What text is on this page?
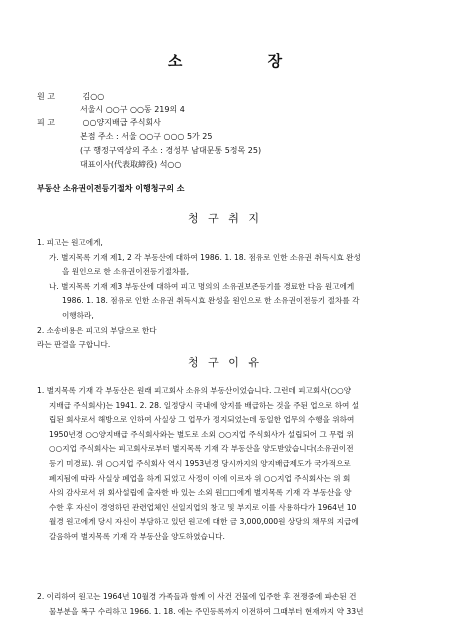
소 장
원 고	김○○
서울시 ○○구 ○○동 219의 4
피 고	○○양지배급 주식회사
본점 주소 : 서울 ○○구 ○○○ 5가 25
(구 행정구역상의 주소 : 경성부 남대문통 5정목 25)
대표이사(代表取締役) 석○○
부동산 소유권이전등기절차 이행청구의 소
청 구 취 지
1. 피고는 원고에게,
가. 별지목록 기재 제1, 2 각 부동산에 대하여 1986. 1. 18. 점유로 인한 소유권 취득시효 완성
을 원인으로 한 소유권이전등기절차를,
나. 별지목록 기재 제3 부동산에 대하여 피고 명의의 소유권보존등기를 경료한 다음 원고에게
1986. 1. 18. 점유로 인한 소유권 취득시효 완성을 원인으로 한 소유권이전등기 절차를 각
이행하라,
2. 소송비용은 피고의 부담으로 한다
라는 판결을 구합니다.
청 구 이 유
1. 별지목록 기재 각 부동산은 원래 피고회사 소유의 부동산이었습니다. 그런데 피고회사(○○양
지배급 주식회사)는 1941. 2. 28. 일정당시 국내에 양지를 배급하는 것을 주된 업으로 하여 설
립된 회사로서 해방으로 인하여 사실상 그 업무가 정지되었는데 동일한 업무의 수행을 위하여
1950년경 ○○양지배급 주식회사와는 별도로 소외 ○○지업 주식회사가 설립되어 그 무렵 위
○○지업 주식회사는 피고회사로부터 별지목록 기재 각 부동산을 양도받았습니다(소유권이전
등기 미경료). 위 ○○지업 주식회사 역시 1953년경 당시까지의 양지배급제도가 국가적으로
폐지됨에 따라 사실상 폐업을 하게 되었고 사정이 이에 이르자 위 ○○지업 주식회사는 위 회
사의 감사로서 위 회사설립에 출자한 바 있는 소외 원□□에게 별지목록 기재 각 부동산을 양
수한 후 자신이 경영하던 관련업체인 선일지업의 창고 및 부지로 이를 사용하다가 1964년 10
월경 원고에게 당시 자신이 부담하고 있던 원고에 대한 금 3,000,000원 상당의 채무의 지급에
갈음하여 별지목록 기재 각 부동산을 양도하였습니다.
2. 이리하여 원고는 1964년 10월경 가족들과 함께 이 사건 건물에 입주한 후 전쟁중에 파손된 건
물부분을 복구 수리하고 1966. 1. 18. 에는 주민등록까지 이전하여 그때부터 현재까지 약 33년
